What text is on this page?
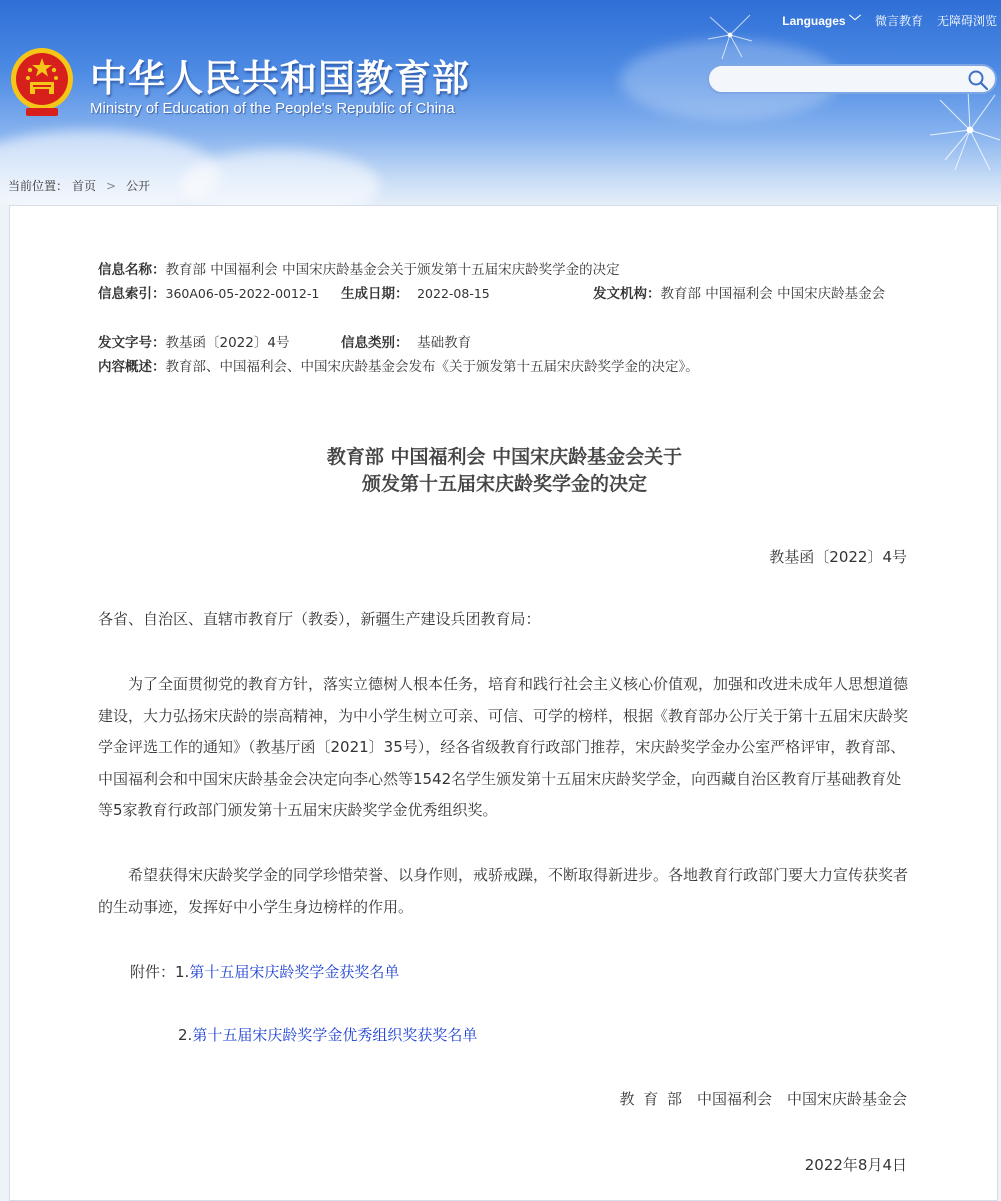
中华人民共和国教育部
Ministry of Education of the People's Republic of China
Languages ﹀ 微言教育 无障碍浏览
当前位置： 首页 > 公开
信息名称：教育部 中国福利会 中国宋庆龄基金会关于颁发第十五届宋庆龄奖学金的决定
信息索引：360A06-05-2022-0012-1 生成日期： 2022-08-15	发文机构： 教育部 中国福利会 中国宋庆龄基金会
发文字号：教基函〔2022〕4号	信息类别： 基础教育
内容概述：教育部、中国福利会、中国宋庆龄基金会发布《关于颁发第十五届宋庆龄奖学金的决定》。
教育部 中国福利会 中国宋庆龄基金会关于
颁发第十五届宋庆龄奖学金的决定
教基函〔2022〕4号
各省、自治区、直辖市教育厅（教委），新疆生产建设兵团教育局：
为了全面贯彻党的教育方针，落实立德树人根本任务，培育和践行社会主义核心价值观，加强和改进未成年人思想道德建设，大力弘扬宋庆龄的崇高精神，为中小学生树立可亲、可信、可学的榜样，根据《教育部办公厅关于第十五届宋庆龄奖学金评选工作的通知》（教基厅函〔2021〕35号），经各省级教育行政部门推荐，宋庆龄奖学金办公室严格评审，教育部、中国福利会和中国宋庆龄基金会决定向李心然等1542名学生颁发第十五届宋庆龄奖学金，向西藏自治区教育厅基础教育处等5家教育行政部门颁发第十五届宋庆龄奖学金优秀组织奖。
希望获得宋庆龄奖学金的同学珍惜荣誉、以身作则，戒骄戒躁，不断取得新进步。各地教育行政部门要大力宣传获奖者的生动事迹，发挥好中小学生身边榜样的作用。
附件：1.第十五届宋庆龄奖学金获奖名单
2.第十五届宋庆龄奖学金优秀组织奖获奖名单
教 育 部　中国福利会　中国宋庆龄基金会
2022年8月4日
